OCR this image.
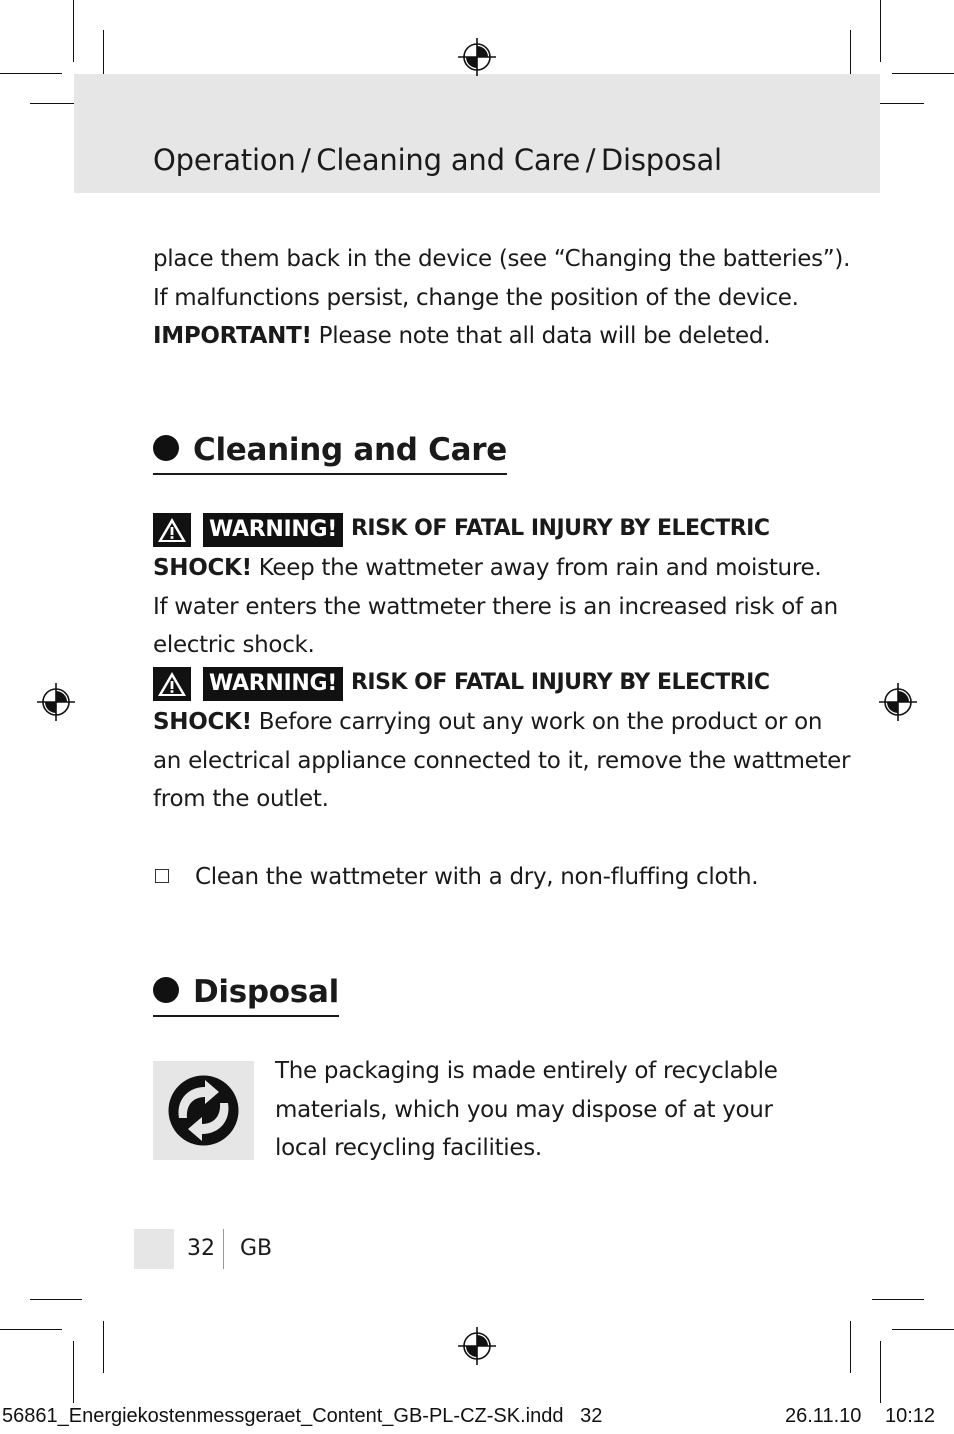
Operation / Cleaning and Care / Disposal
place them back in the device (see “Changing the batteries”).
If malfunctions persist, change the position of the device.
IMPORTANT! Please note that all data will be deleted.
Cleaning and Care
WARNING! RISK OF FATAL INJURY BY ELECTRIC
SHOCK! Keep the wattmeter away from rain and moisture.
If water enters the wattmeter there is an increased risk of an
electric shock.
WARNING! RISK OF FATAL INJURY BY ELECTRIC
SHOCK! Before carrying out any work on the product or on
an electrical appliance connected to it, remove the wattmeter
from the outlet.
Clean the wattmeter with a dry, non-fluffing cloth.
Disposal
The packaging is made entirely of recyclable
materials, which you may dispose of at your
local recycling facilities.
32 GB
56861_Energiekostenmessgeraet_Content_GB-PL-CZ-SK.indd   32	26.11.10 10:12
